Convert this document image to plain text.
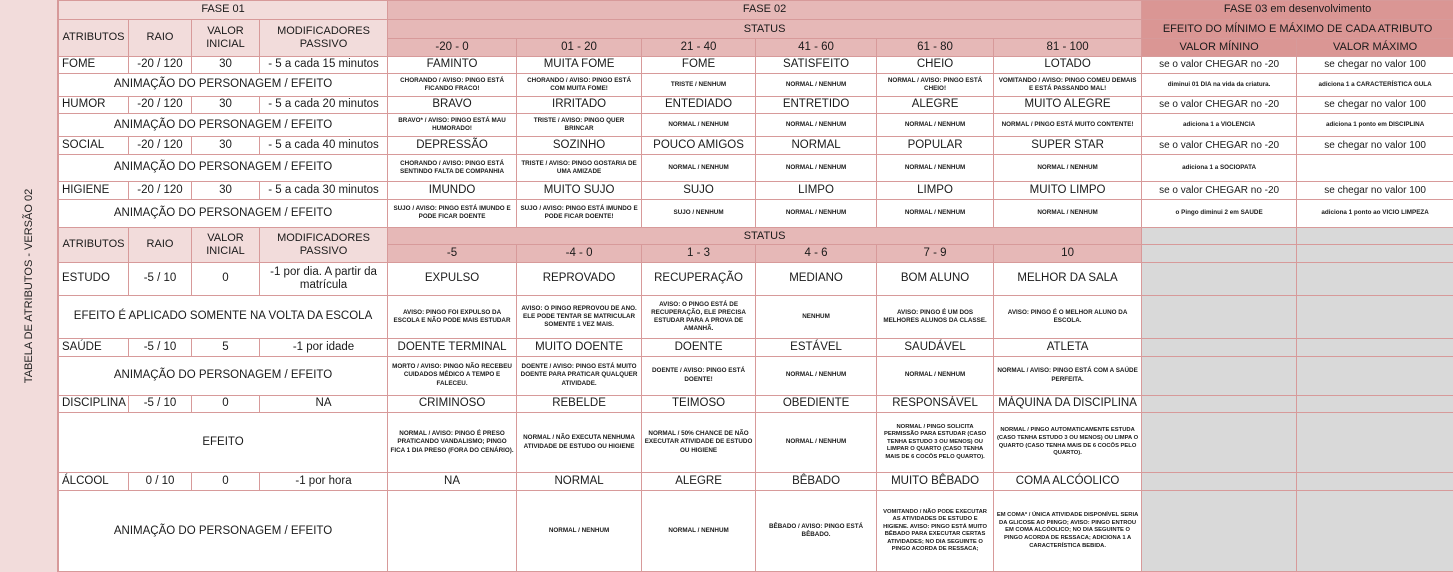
TABELA DE ATRIBUTOS - VERSÃO 02
FASE 01				FASE 02						FASE 03 em desenvolvimento	
ATRIBUTOS	RAIO	VALOR INICIAL	MODIFICADORES PASSIVO	STATUS						EFEITO DO MÍNIMO E MÁXIMO DE CADA ATRIBUTO	
				-20 - 0	01 - 20	21 - 40	41 - 60	61 - 80	81 - 100	VALOR MÍNINO	VALOR MÁXIMO
FOME	-20 / 120	30	- 5 a cada 15 minutos	FAMINTO	MUITA FOME	FOME	SATISFEITO	CHEIO	LOTADO	se o valor CHEGAR no -20	se chegar no valor 100
ANIMAÇÃO DO PERSONAGEM / EFEITO				CHORANDO / AVISO: PINGO ESTÁ FICANDO FRACO!	CHORANDO / AVISO: PINGO ESTÁ COM MUITA FOME!	TRISTE / NENHUM	NORMAL / NENHUM	NORMAL / AVISO: PINGO ESTÁ CHEIO!	VOMITANDO / AVISO: PINGO COMEU DEMAIS E ESTÁ PASSANDO MAL!	diminui 01 DIA na vida da criatura.	adiciona 1 a CARACTERÍSTICA GULA
HUMOR	-20 / 120	30	- 5 a cada 20 minutos	BRAVO	IRRITADO	ENTEDIADO	ENTRETIDO	ALEGRE	MUITO ALEGRE	se o valor CHEGAR no -20	se chegar no valor 100
ANIMAÇÃO DO PERSONAGEM / EFEITO				BRAVO* / AVISO: PINGO ESTÁ MAU HUMORADO!	TRISTE / AVISO: PINGO QUER BRINCAR	NORMAL / NENHUM	NORMAL / NENHUM	NORMAL / NENHUM	NORMAL / PINGO ESTÁ MUITO CONTENTE!	adiciona 1 a VIOLENCIA	adiciona 1 ponto em DISCIPLINA
SOCIAL	-20 / 120	30	- 5 a cada 40 minutos	DEPRESSÃO	SOZINHO	POUCO AMIGOS	NORMAL	POPULAR	SUPER STAR	se o valor CHEGAR no -20	se chegar no valor 100
ANIMAÇÃO DO PERSONAGEM / EFEITO				CHORANDO / AVISO: PINGO ESTÁ SENTINDO FALTA DE COMPANHIA	TRISTE / AVISO: PINGO GOSTARIA DE UMA AMIZADE	NORMAL / NENHUM	NORMAL / NENHUM	NORMAL / NENHUM	NORMAL / NENHUM	adiciona 1 a SOCIOPATA	
HIGIENE	-20 / 120	30	- 5 a cada 30 minutos	IMUNDO	MUITO SUJO	SUJO	LIMPO	LIMPO	MUITO LIMPO	se o valor CHEGAR no -20	se chegar no valor 100
ANIMAÇÃO DO PERSONAGEM / EFEITO				SUJO / AVISO: PINGO ESTÁ IMUNDO E PODE FICAR DOENTE	SUJO / AVISO: PINGO ESTÁ IMUNDO E PODE FICAR DOENTE!	SUJO / NENHUM	NORMAL / NENHUM	NORMAL / NENHUM	NORMAL / NENHUM	o Pingo diminui 2 em SAUDE	adiciona 1 ponto ao VICIO LIMPEZA
ATRIBUTOS	RAIO	VALOR INICIAL	MODIFICADORES PASSIVO	STATUS							
				-5	-4 - 0	1 - 3	4 - 6	7 - 9	10		
ESTUDO	-5 / 10	0	-1 por dia. A partir da matrícula	EXPULSO	REPROVADO	RECUPERAÇÃO	MEDIANO	BOM ALUNO	MELHOR DA SALA		
EFEITO É APLICADO SOMENTE NA VOLTA DA ESCOLA				AVISO: PINGO FOI EXPULSO DA ESCOLA E NÃO PODE MAIS ESTUDAR	AVISO: O PINGO REPROVOU DE ANO. ELE PODE TENTAR SE MATRICULAR SOMENTE 1 VEZ MAIS.	AVISO: O PINGO ESTÁ DE RECUPERAÇÃO, ELE PRECISA ESTUDAR PARA A PROVA DE AMANHÃ.	NENHUM	AVISO: PINGO É UM DOS MELHORES ALUNOS DA CLASSE.	AVISO: PINGO É O MELHOR ALUNO DA ESCOLA.		
SAÚDE	-5 / 10	5	-1 por idade	DOENTE TERMINAL	MUITO DOENTE	DOENTE	ESTÁVEL	SAUDÁVEL	ATLETA		
ANIMAÇÃO DO PERSONAGEM / EFEITO				MORTO / AVISO: PINGO NÃO RECEBEU CUIDADOS MÉDICO A TEMPO E FALECEU.	DOENTE / AVISO: PINGO ESTÁ MUITO DOENTE PARA PRATICAR QUALQUER ATIVIDADE.	DOENTE / AVISO: PINGO ESTÁ DOENTE!	NORMAL / NENHUM	NORMAL / NENHUM	NORMAL / AVISO: PINGO ESTÁ COM A SAÚDE PERFEITA.		
DISCIPLINA	-5 / 10	0	NA	CRIMINOSO	REBELDE	TEIMOSO	OBEDIENTE	RESPONSÁVEL	MÁQUINA DA DISCIPLINA		
EFEITO				NORMAL / AVISO: PINGO É PRESO PRATICANDO VANDALISMO; PINGO FICA 1 DIA PRESO (FORA DO CENÁRIO).	NORMAL / NÃO EXECUTA NENHUMA ATIVIDADE DE ESTUDO OU HIGIENE	NORMAL / 50% CHANCE DE NÃO EXECUTAR ATIVIDADE DE ESTUDO OU HIGIENE	NORMAL / NENHUM	NORMAL / PINGO SOLICITA PERMISSÃO PARA ESTUDAR (CASO TENHA ESTUDO 3 OU MENOS) OU LIMPAR O QUARTO (CASO TENHA MAIS DE 6 COCÔS PELO QUARTO).	NORMAL / PINGO AUTOMATICAMENTE ESTUDA (CASO TENHA ESTUDO 3 OU MENOS) OU LIMPA O QUARTO (CASO TENHA MAIS DE 6 COCÔS PELO QUARTO).		
ÁLCOOL	0 / 10	0	-1 por hora	NA	NORMAL	ALEGRE	BÊBADO	MUITO BÊBADO	COMA ALCÓOLICO		
ANIMAÇÃO DO PERSONAGEM / EFEITO					NORMAL / NENHUM	NORMAL / NENHUM	BÊBADO / AVISO: PINGO ESTÁ BÊBADO.	VOMITANDO / NÃO PODE EXECUTAR AS ATIVIDADES DE ESTUDO E HIGIENE. AVISO: PINGO ESTÁ MUITO BÊBADO PARA EXECUTAR CERTAS ATIVIDADES; NO DIA SEGUINTE O PINGO ACORDA DE RESSACA;	EM COMA* / ÚNICA ATIVIDADE DISPONÍVEL SERIA DA GLICOSE AO PIINGO; AVISO: PINGO ENTROU EM COMA ALCÓOLICO; NO DIA SEGUINTE O PINGO ACORDA DE RESSACA; ADICIONA 1 A CARACTERÍSTICA BEBIDA.		
